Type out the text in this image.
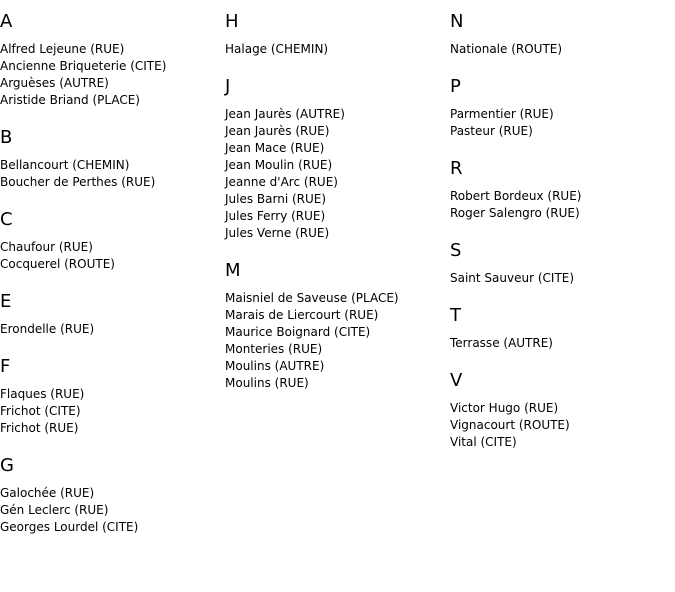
A
Alfred Lejeune (RUE)
Ancienne Briqueterie (CITE)
Arguèses (AUTRE)
Aristide Briand (PLACE)
B
Bellancourt (CHEMIN)
Boucher de Perthes (RUE)
C
Chaufour (RUE)
Cocquerel (ROUTE)
E
Erondelle (RUE)
F
Flaques (RUE)
Frichot (CITE)
Frichot (RUE)
G
Galochée (RUE)
Gén Leclerc (RUE)
Georges Lourdel (CITE)
H
Halage (CHEMIN)
J
Jean Jaurès (AUTRE)
Jean Jaurès (RUE)
Jean Mace (RUE)
Jean Moulin (RUE)
Jeanne d'Arc (RUE)
Jules Barni (RUE)
Jules Ferry (RUE)
Jules Verne (RUE)
M
Maisniel de Saveuse (PLACE)
Marais de Liercourt (RUE)
Maurice Boignard (CITE)
Monteries (RUE)
Moulins (AUTRE)
Moulins (RUE)
N
Nationale (ROUTE)
P
Parmentier (RUE)
Pasteur (RUE)
R
Robert Bordeux (RUE)
Roger Salengro (RUE)
S
Saint Sauveur (CITE)
T
Terrasse (AUTRE)
V
Victor Hugo (RUE)
Vignacourt (ROUTE)
Vital (CITE)
